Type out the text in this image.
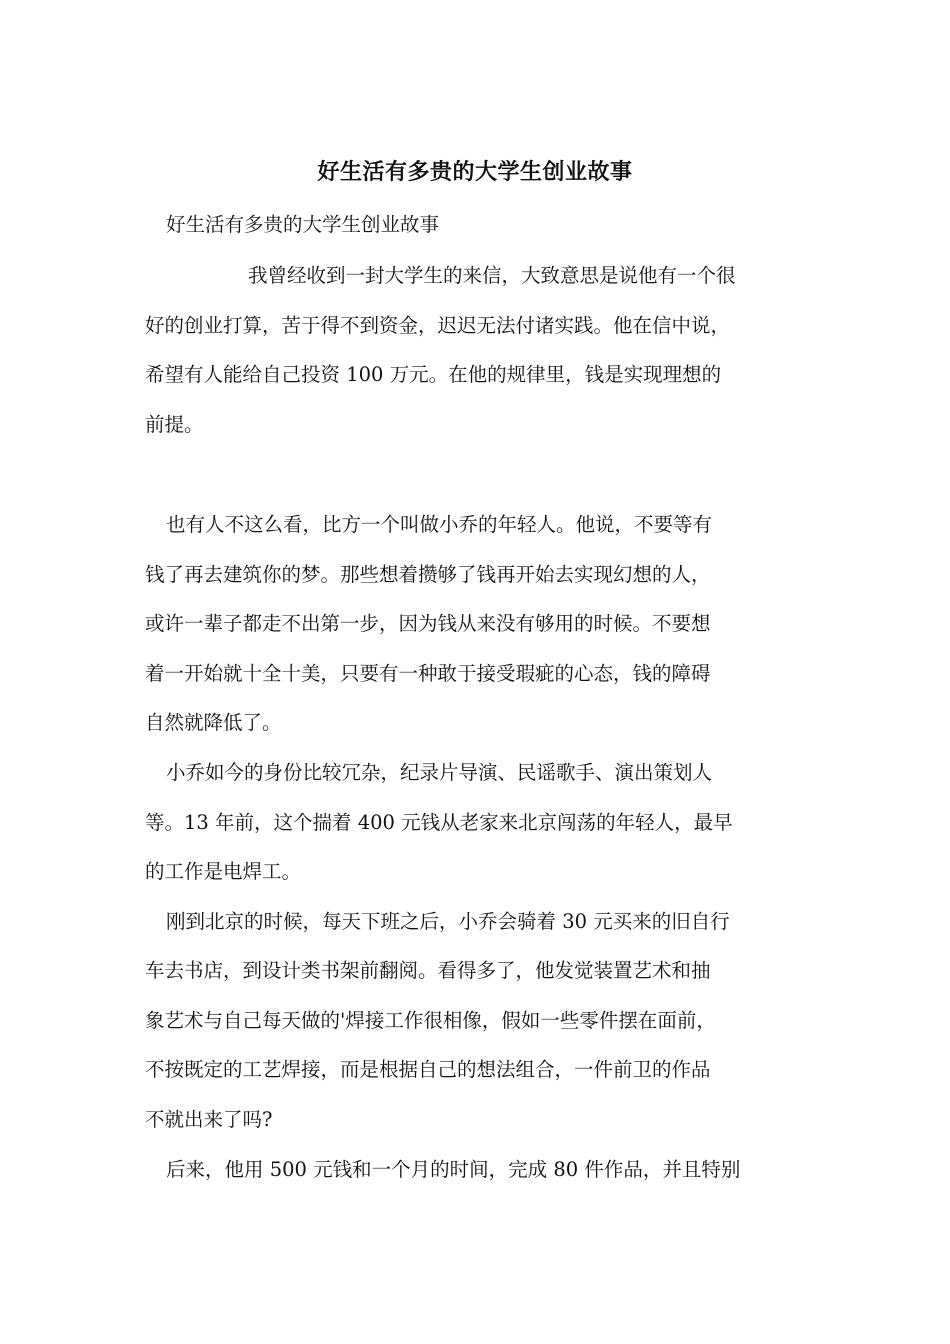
好生活有多贵的大学生创业故事
好生活有多贵的大学生创业故事
我曾经收到一封大学生的来信，大致意思是说他有一个很
好的创业打算，苦于得不到资金，迟迟无法付诸实践。他在信中说，
希望有人能给自己投资 100 万元。在他的规律里，钱是实现理想的
前提。
也有人不这么看，比方一个叫做小乔的年轻人。他说，不要等有
钱了再去建筑你的梦。那些想着攒够了钱再开始去实现幻想的人，
或许一辈子都走不出第一步，因为钱从来没有够用的时候。不要想
着一开始就十全十美，只要有一种敢于接受瑕疵的心态，钱的障碍
自然就降低了。
小乔如今的身份比较冗杂，纪录片导演、民谣歌手、演出策划人
等。13 年前，这个揣着 400 元钱从老家来北京闯荡的年轻人，最早
的工作是电焊工。
刚到北京的时候，每天下班之后，小乔会骑着 30 元买来的旧自行
车去书店，到设计类书架前翻阅。看得多了，他发觉装置艺术和抽
象艺术与自己每天做的'焊接工作很相像，假如一些零件摆在面前，
不按既定的工艺焊接，而是根据自己的想法组合，一件前卫的作品
不就出来了吗?
后来，他用 500 元钱和一个月的时间，完成 80 件作品，并且特别
